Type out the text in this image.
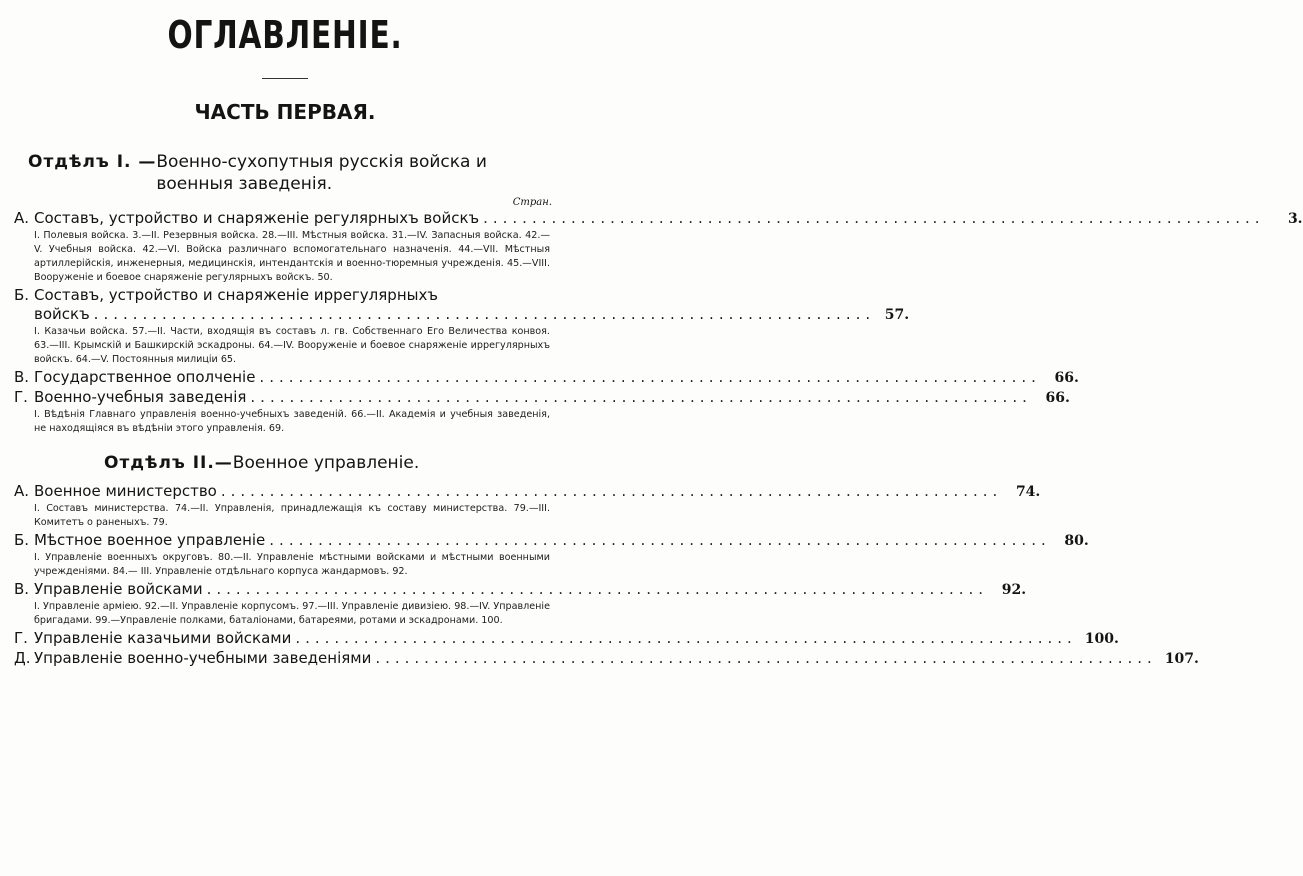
ОГЛАВЛЕНІЕ.
ЧАСТЬ ПЕРВАЯ.
Отдѣлъ I. — Военно-сухопутныя русскія войска и военныя заведенія.
Стран.
А. Составъ, устройство и снаряженіе регулярныхъ войскъ ................................................................................	3.
I. Полевыя войска. 3.—II. Резервныя войска. 28.—III. Мѣстныя войска. 31.—IV. Запасныя войска. 42.—V. Учебныя войска. 42.—VI. Войска различнаго вспомогательнаго назначенія. 44.—VII. Мѣстныя артиллерійскія, инженерныя, медицинскія, интендантскія и военно-тюремныя учрежденія. 45.—VIII. Вооруженіе и боевое снаряженіе регулярныхъ войскъ. 50.
Б. Составъ, устройство и снаряженіе иррегулярныхъ
войскъ ................................................................................ 57.
I. Казачьи войска. 57.—II. Части, входящія въ составъ л. гв. Собственнаго Его Величества конвоя. 63.—III. Крымскій и Башкирскій эскадроны. 64.—IV. Вооруженіе и боевое снаряженіе иррегулярныхъ войскъ. 64.—V. Постоянныя милиціи 65.
В. Государственное ополченіе ................................................................................ 66.
Г. Военно-учебныя заведенія ................................................................................ 66.
I. Вѣдѣнія Главнаго управленія военно-учебныхъ заведеній. 66.—II. Академія и учебныя заведенія, не находящіяся въ вѣдѣніи этого управленія. 69.
Отдѣлъ II.— Военное управленіе.
А. Военное министерство ................................................................................ 74.
I. Составъ министерства. 74.—II. Управленія, принадлежащія къ составу министерства. 79.—III. Комитетъ о раненыхъ. 79.
Б. Мѣстное военное управленіе ................................................................................ 80.
I. Управленіе военныхъ округовъ. 80.—II. Управленіе мѣстными войсками и мѣстными военными учрежденіями. 84.— III. Управленіе отдѣльнаго корпуса жандармовъ. 92.
В. Управленіе войсками ................................................................................ 92.
I. Управленіе арміею. 92.—II. Управленіе корпусомъ. 97.—III. Управленіе дивизіею. 98.—IV. Управленіе бригадами. 99.—Управленіе полками, баталіонами, батареями, ротами и эскадронами. 100.
Г. Управленіе казачьими войсками ................................................................................ 100.
Д. Управленіе военно-учебными заведеніями ................................................................................ 107.
